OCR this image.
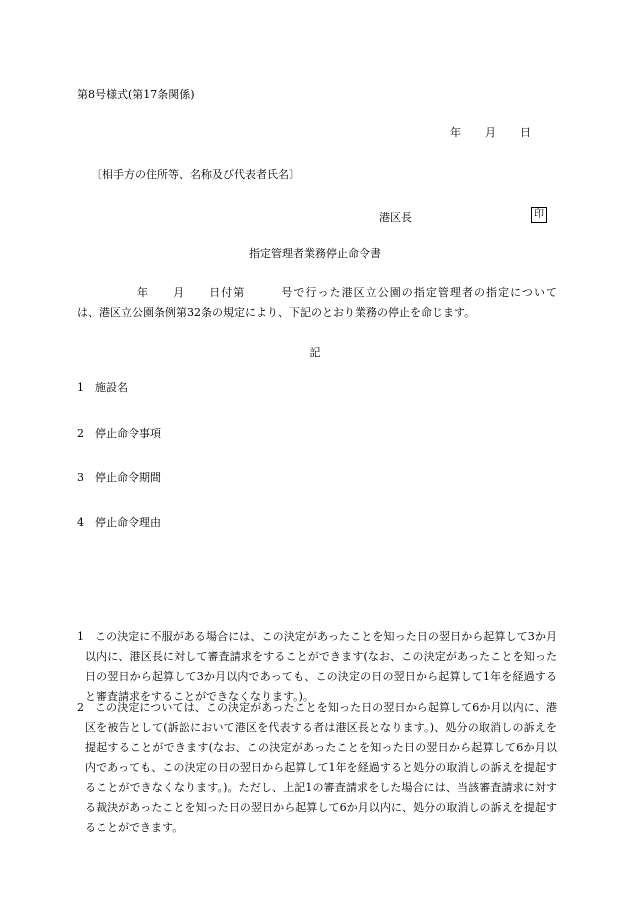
第8号様式(第17条関係)
年 月 日
〔相手方の住所等、名称及び代表者氏名〕
港区長	印
指定管理者業務停止命令書
年　　月　　日付第　　　号で行った港区立公園の指定管理者の指定について
は、港区立公園条例第32条の規定により、下記のとおり業務の停止を命じます。
記
1 施設名
2 停止命令事項
3 停止命令期間
4 停止命令理由
1	この決定に不服がある場合には、この決定があったことを知った日の翌日から起算して3か月以内に、港区長に対して審査請求をすることができます(なお、この決定があったことを知った日の翌日から起算して3か月以内であっても、この決定の日の翌日から起算して1年を経過すると審査請求をすることができなくなります。)。
2	この決定については、この決定があったことを知った日の翌日から起算して6か月以内に、港区を被告として(訴訟において港区を代表する者は港区長となります。)、処分の取消しの訴えを提起することができます(なお、この決定があったことを知った日の翌日から起算して6か月以内であっても、この決定の日の翌日から起算して1年を経過すると処分の取消しの訴えを提起することができなくなります。)。ただし、上記1の審査請求をした場合には、当該審査請求に対する裁決があったことを知った日の翌日から起算して6か月以内に、処分の取消しの訴えを提起することができます。
